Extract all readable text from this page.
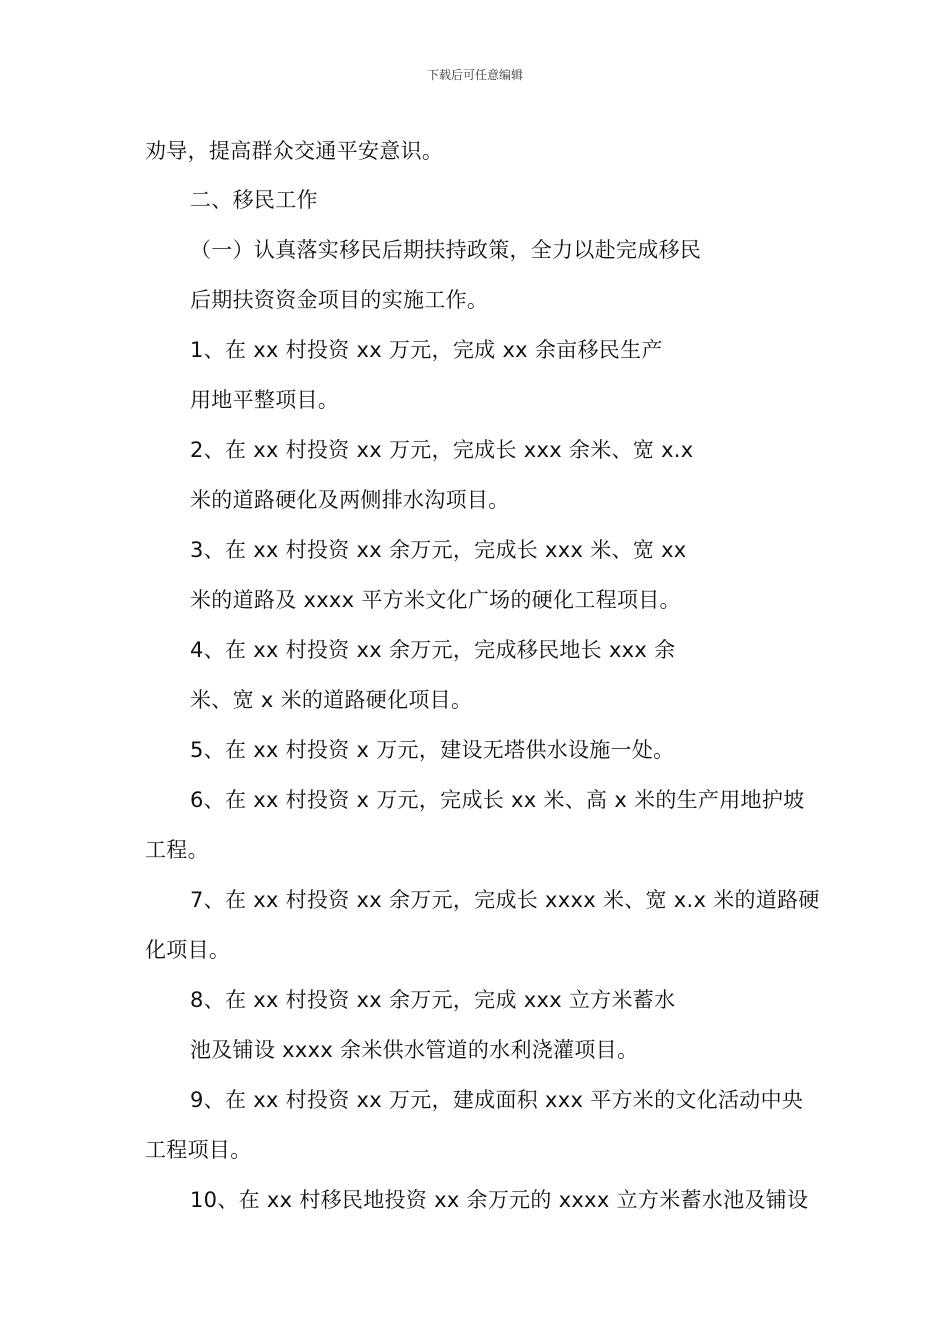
下载后可任意编辑
劝导，提高群众交通平安意识。
二、移民工作
（一）认真落实移民后期扶持政策，全力以赴完成移民
后期扶资资金项目的实施工作。
1、在 xx 村投资 xx 万元，完成 xx 余亩移民生产
用地平整项目。
2、在 xx 村投资 xx 万元，完成长 xxx 余米、宽 x.x
米的道路硬化及两侧排水沟项目。
3、在 xx 村投资 xx 余万元，完成长 xxx 米、宽 xx
米的道路及 xxxx 平方米文化广场的硬化工程项目。
4、在 xx 村投资 xx 余万元，完成移民地长 xxx 余
米、宽 x 米的道路硬化项目。
5、在 xx 村投资 x 万元，建设无塔供水设施一处。
6、在 xx 村投资 x 万元，完成长 xx 米、高 x 米的生产用地护坡
工程。
7、在 xx 村投资 xx 余万元，完成长 xxxx 米、宽 x.x 米的道路硬
化项目。
8、在 xx 村投资 xx 余万元，完成 xxx 立方米蓄水
池及铺设 xxxx 余米供水管道的水利浇灌项目。
9、在 xx 村投资 xx 万元，建成面积 xxx 平方米的文化活动中央
工程项目。
10、在 xx 村移民地投资 xx 余万元的 xxxx 立方米蓄水池及铺设
